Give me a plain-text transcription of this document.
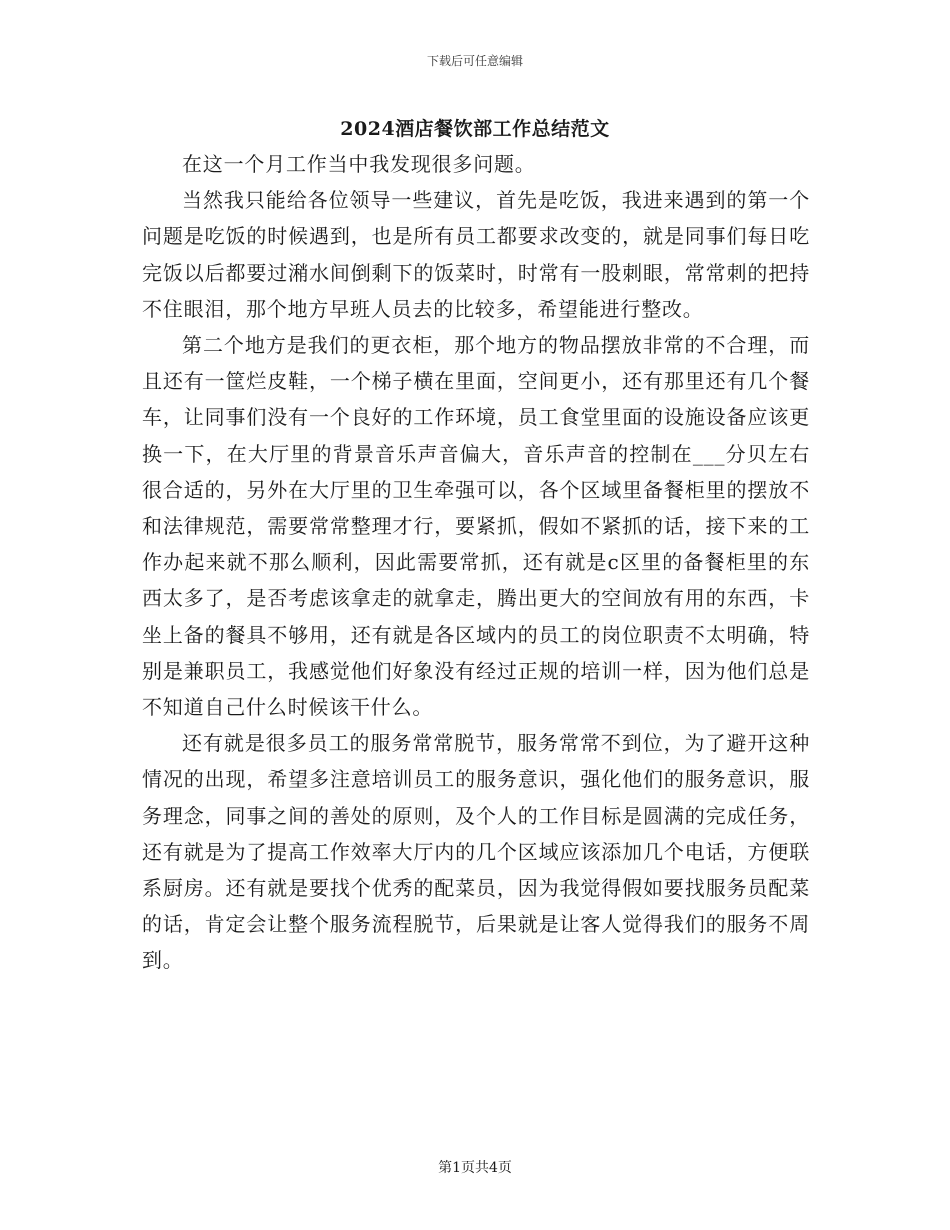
下载后可任意编辑
2024酒店餐饮部工作总结范文

在这一个月工作当中我发现很多问题。

当然我只能给各位领导一些建议，首先是吃饭，我进来遇到的第一个问题是吃饭的时候遇到，也是所有员工都要求改变的，就是同事们每日吃完饭以后都要过潲水间倒剩下的饭菜时，时常有一股刺眼，常常刺的把持不住眼泪，那个地方早班人员去的比较多，希望能进行整改。

第二个地方是我们的更衣柜，那个地方的物品摆放非常的不合理，而且还有一筐烂皮鞋，一个梯子横在里面，空间更小，还有那里还有几个餐车，让同事们没有一个良好的工作环境，员工食堂里面的设施设备应该更换一下，在大厅里的背景音乐声音偏大，音乐声音的控制在___分贝左右很合适的，另外在大厅里的卫生牵强可以，各个区域里备餐柜里的摆放不和法律规范，需要常常整理才行，要紧抓，假如不紧抓的话，接下来的工作办起来就不那么顺利，因此需要常抓，还有就是c区里的备餐柜里的东西太多了，是否考虑该拿走的就拿走，腾出更大的空间放有用的东西，卡坐上备的餐具不够用，还有就是各区域内的员工的岗位职责不太明确，特别是兼职员工，我感觉他们好象没有经过正规的培训一样，因为他们总是不知道自己什么时候该干什么。

还有就是很多员工的服务常常脱节，服务常常不到位，为了避开这种情况的出现，希望多注意培训员工的服务意识，强化他们的服务意识，服务理念，同事之间的善处的原则，及个人的工作目标是圆满的完成任务，还有就是为了提高工作效率大厅内的几个区域应该添加几个电话，方便联系厨房。还有就是要找个优秀的配菜员，因为我觉得假如要找服务员配菜的话，肯定会让整个服务流程脱节，后果就是让客人觉得我们的服务不周到。

第1页共4页
